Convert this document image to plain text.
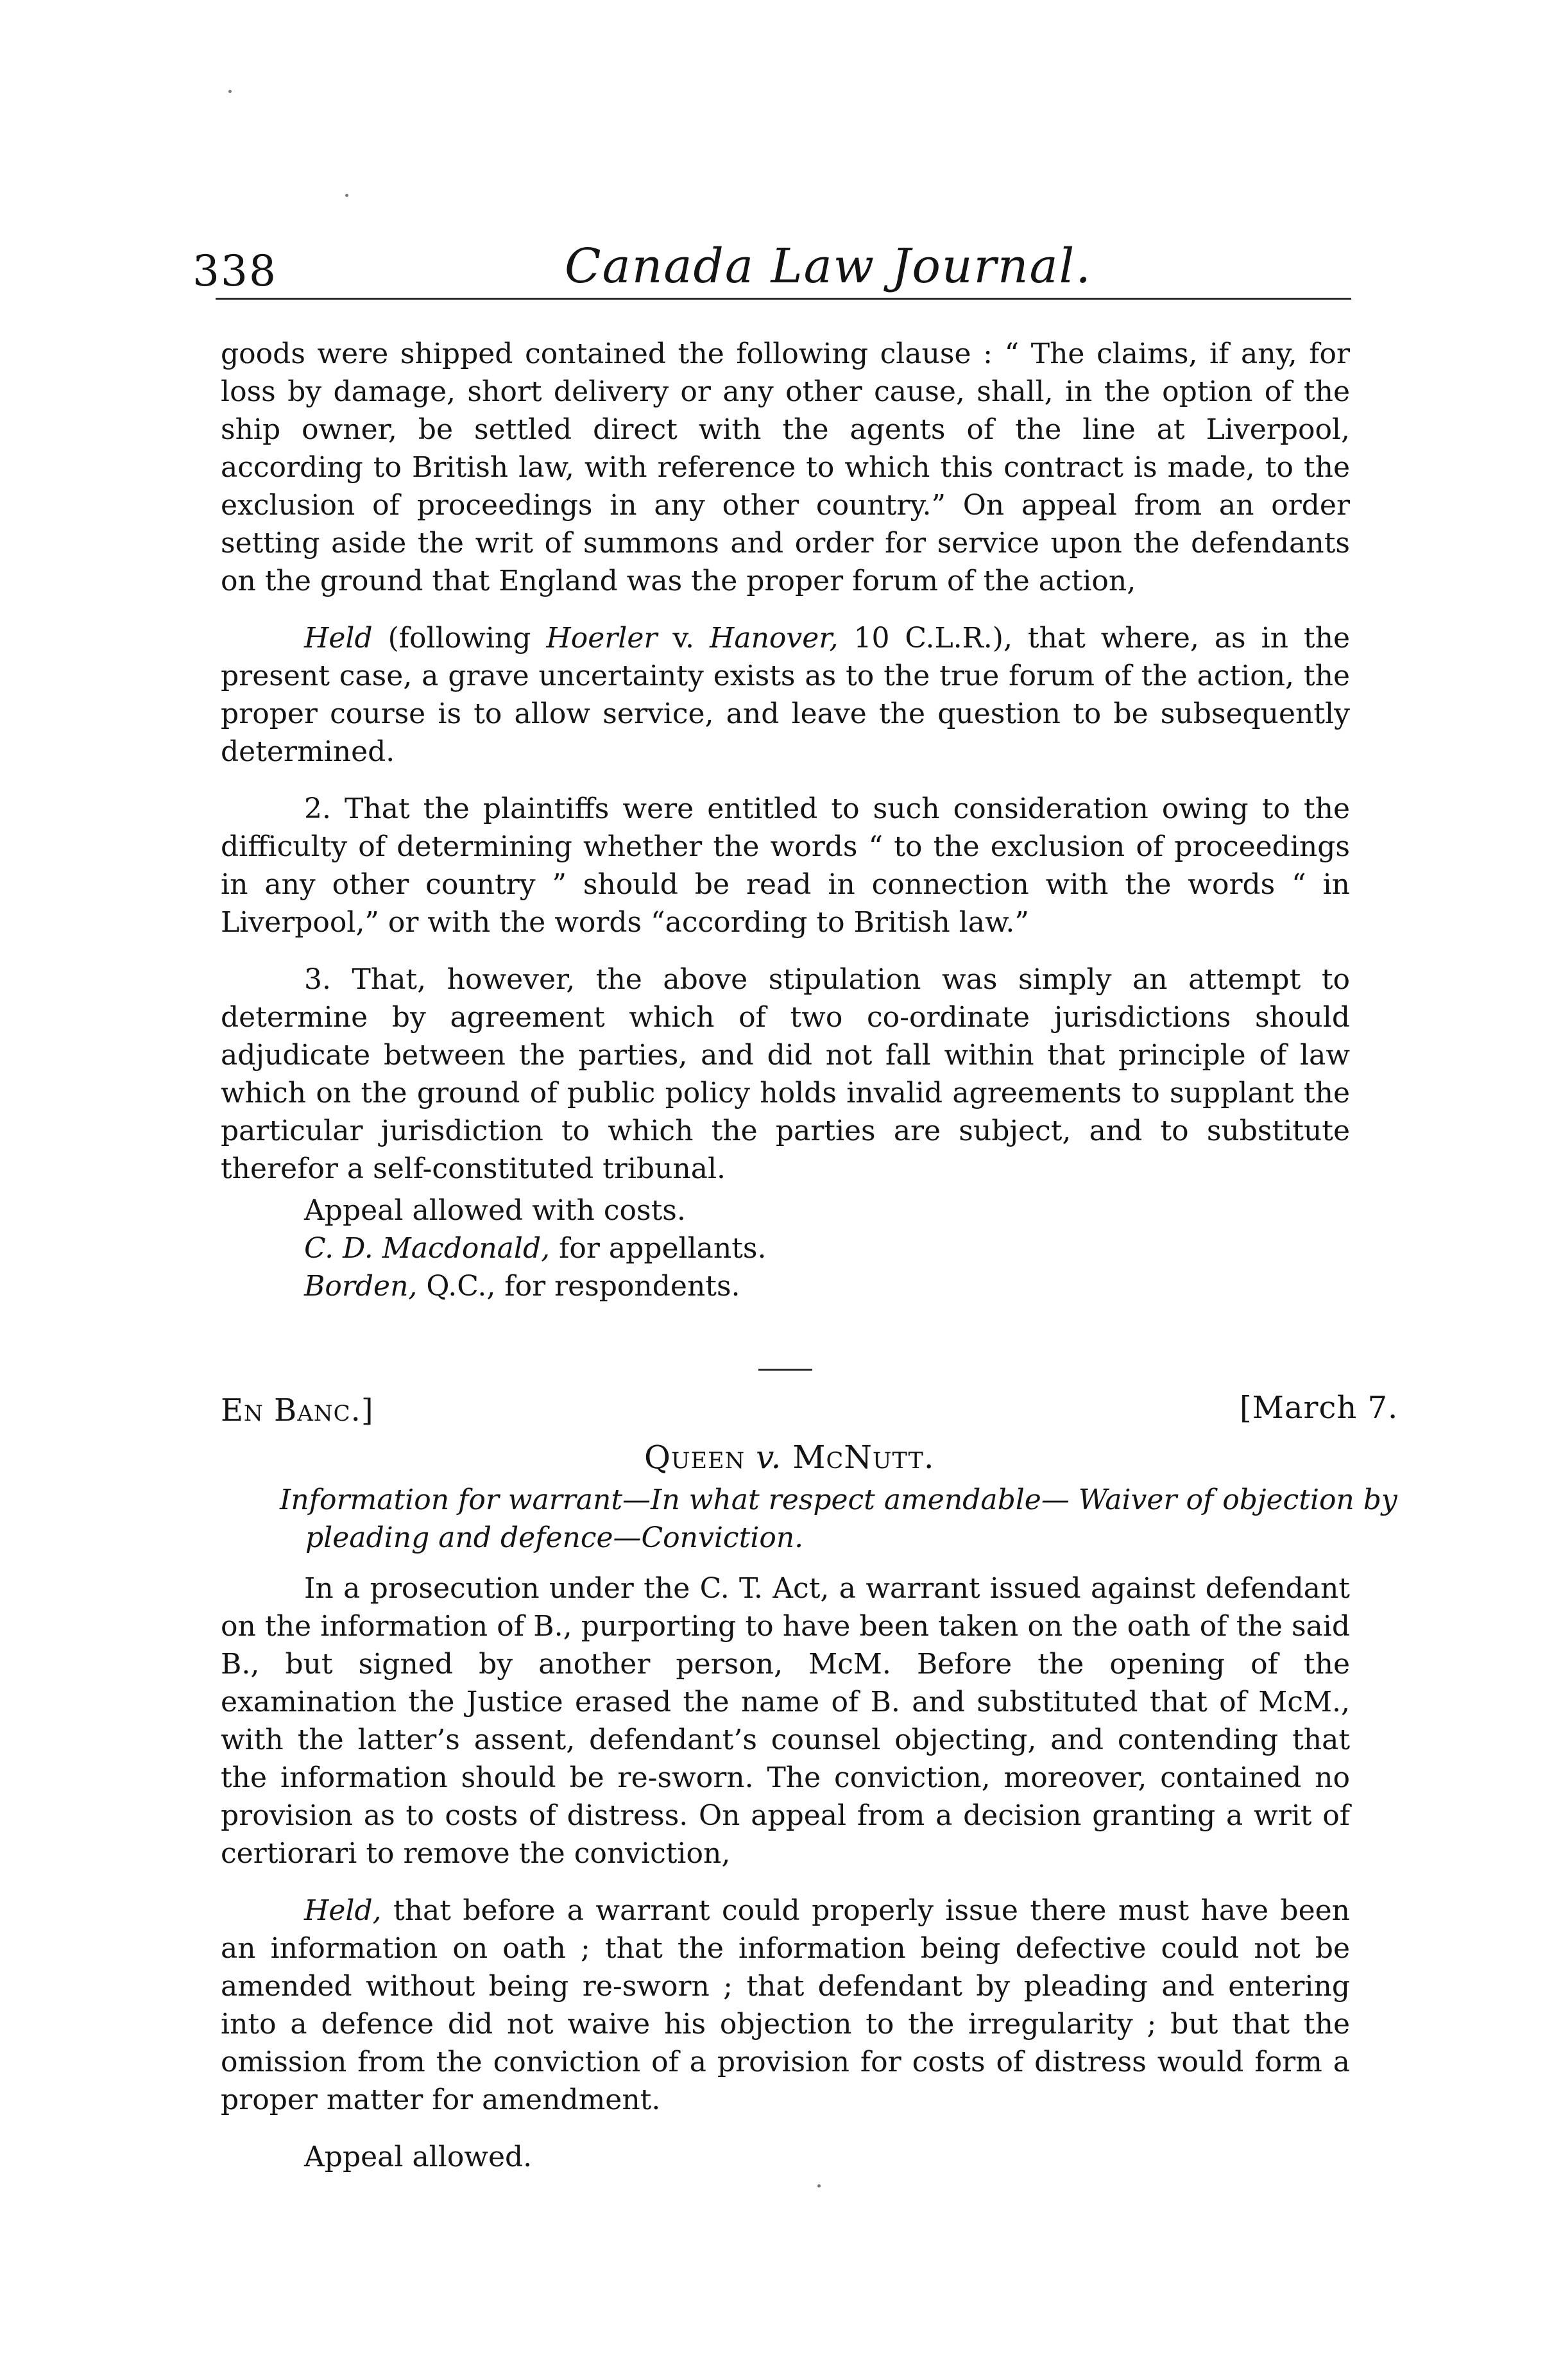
338	Canada Law Journal.

goods were shipped contained the following clause : “ The claims, if any, for loss by damage, short delivery or any other cause, shall, in the option of the ship owner, be settled direct with the agents of the line at Liverpool, according to British law, with reference to which this contract is made, to the exclusion of proceedings in any other country.” On appeal from an order setting aside the writ of summons and order for service upon the defendants on the ground that England was the proper forum of the action,

Held (following Hoerler v. Hanover, 10 C.L.R.), that where, as in the present case, a grave uncertainty exists as to the true forum of the action, the proper course is to allow service, and leave the question to be subsequently determined.

2. That the plaintiffs were entitled to such consideration owing to the difficulty of determining whether the words “ to the exclusion of proceedings in any other country ” should be read in connection with the words “ in Liverpool,” or with the words “according to British law.”

3. That, however, the above stipulation was simply an attempt to determine by agreement which of two co-ordinate jurisdictions should adjudicate between the parties, and did not fall within that principle of law which on the ground of public policy holds invalid agreements to supplant the particular jurisdiction to which the parties are subject, and to substitute therefor a self-constituted tribunal.

Appeal allowed with costs.

C. D. Macdonald, for appellants.

Borden, Q.C., for respondents.

En Banc.]	[March 7.
Queen v. McNutt.
Information for warrant—In what respect amendable— Waiver of objection by pleading and defence—Conviction.

In a prosecution under the C. T. Act, a warrant issued against defendant on the information of B., purporting to have been taken on the oath of the said B., but signed by another person, McM. Before the opening of the examination the Justice erased the name of B. and substituted that of McM., with the latter’s assent, defendant’s counsel objecting, and contending that the information should be re-sworn. The conviction, moreover, contained no provision as to costs of distress. On appeal from a decision granting a writ of certiorari to remove the conviction,

Held, that before a warrant could properly issue there must have been an information on oath ; that the information being defective could not be amended without being re-sworn ; that defendant by pleading and entering into a defence did not waive his objection to the irregularity ; but that the omission from the conviction of a provision for costs of distress would form a proper matter for amendment.

Appeal allowed.
